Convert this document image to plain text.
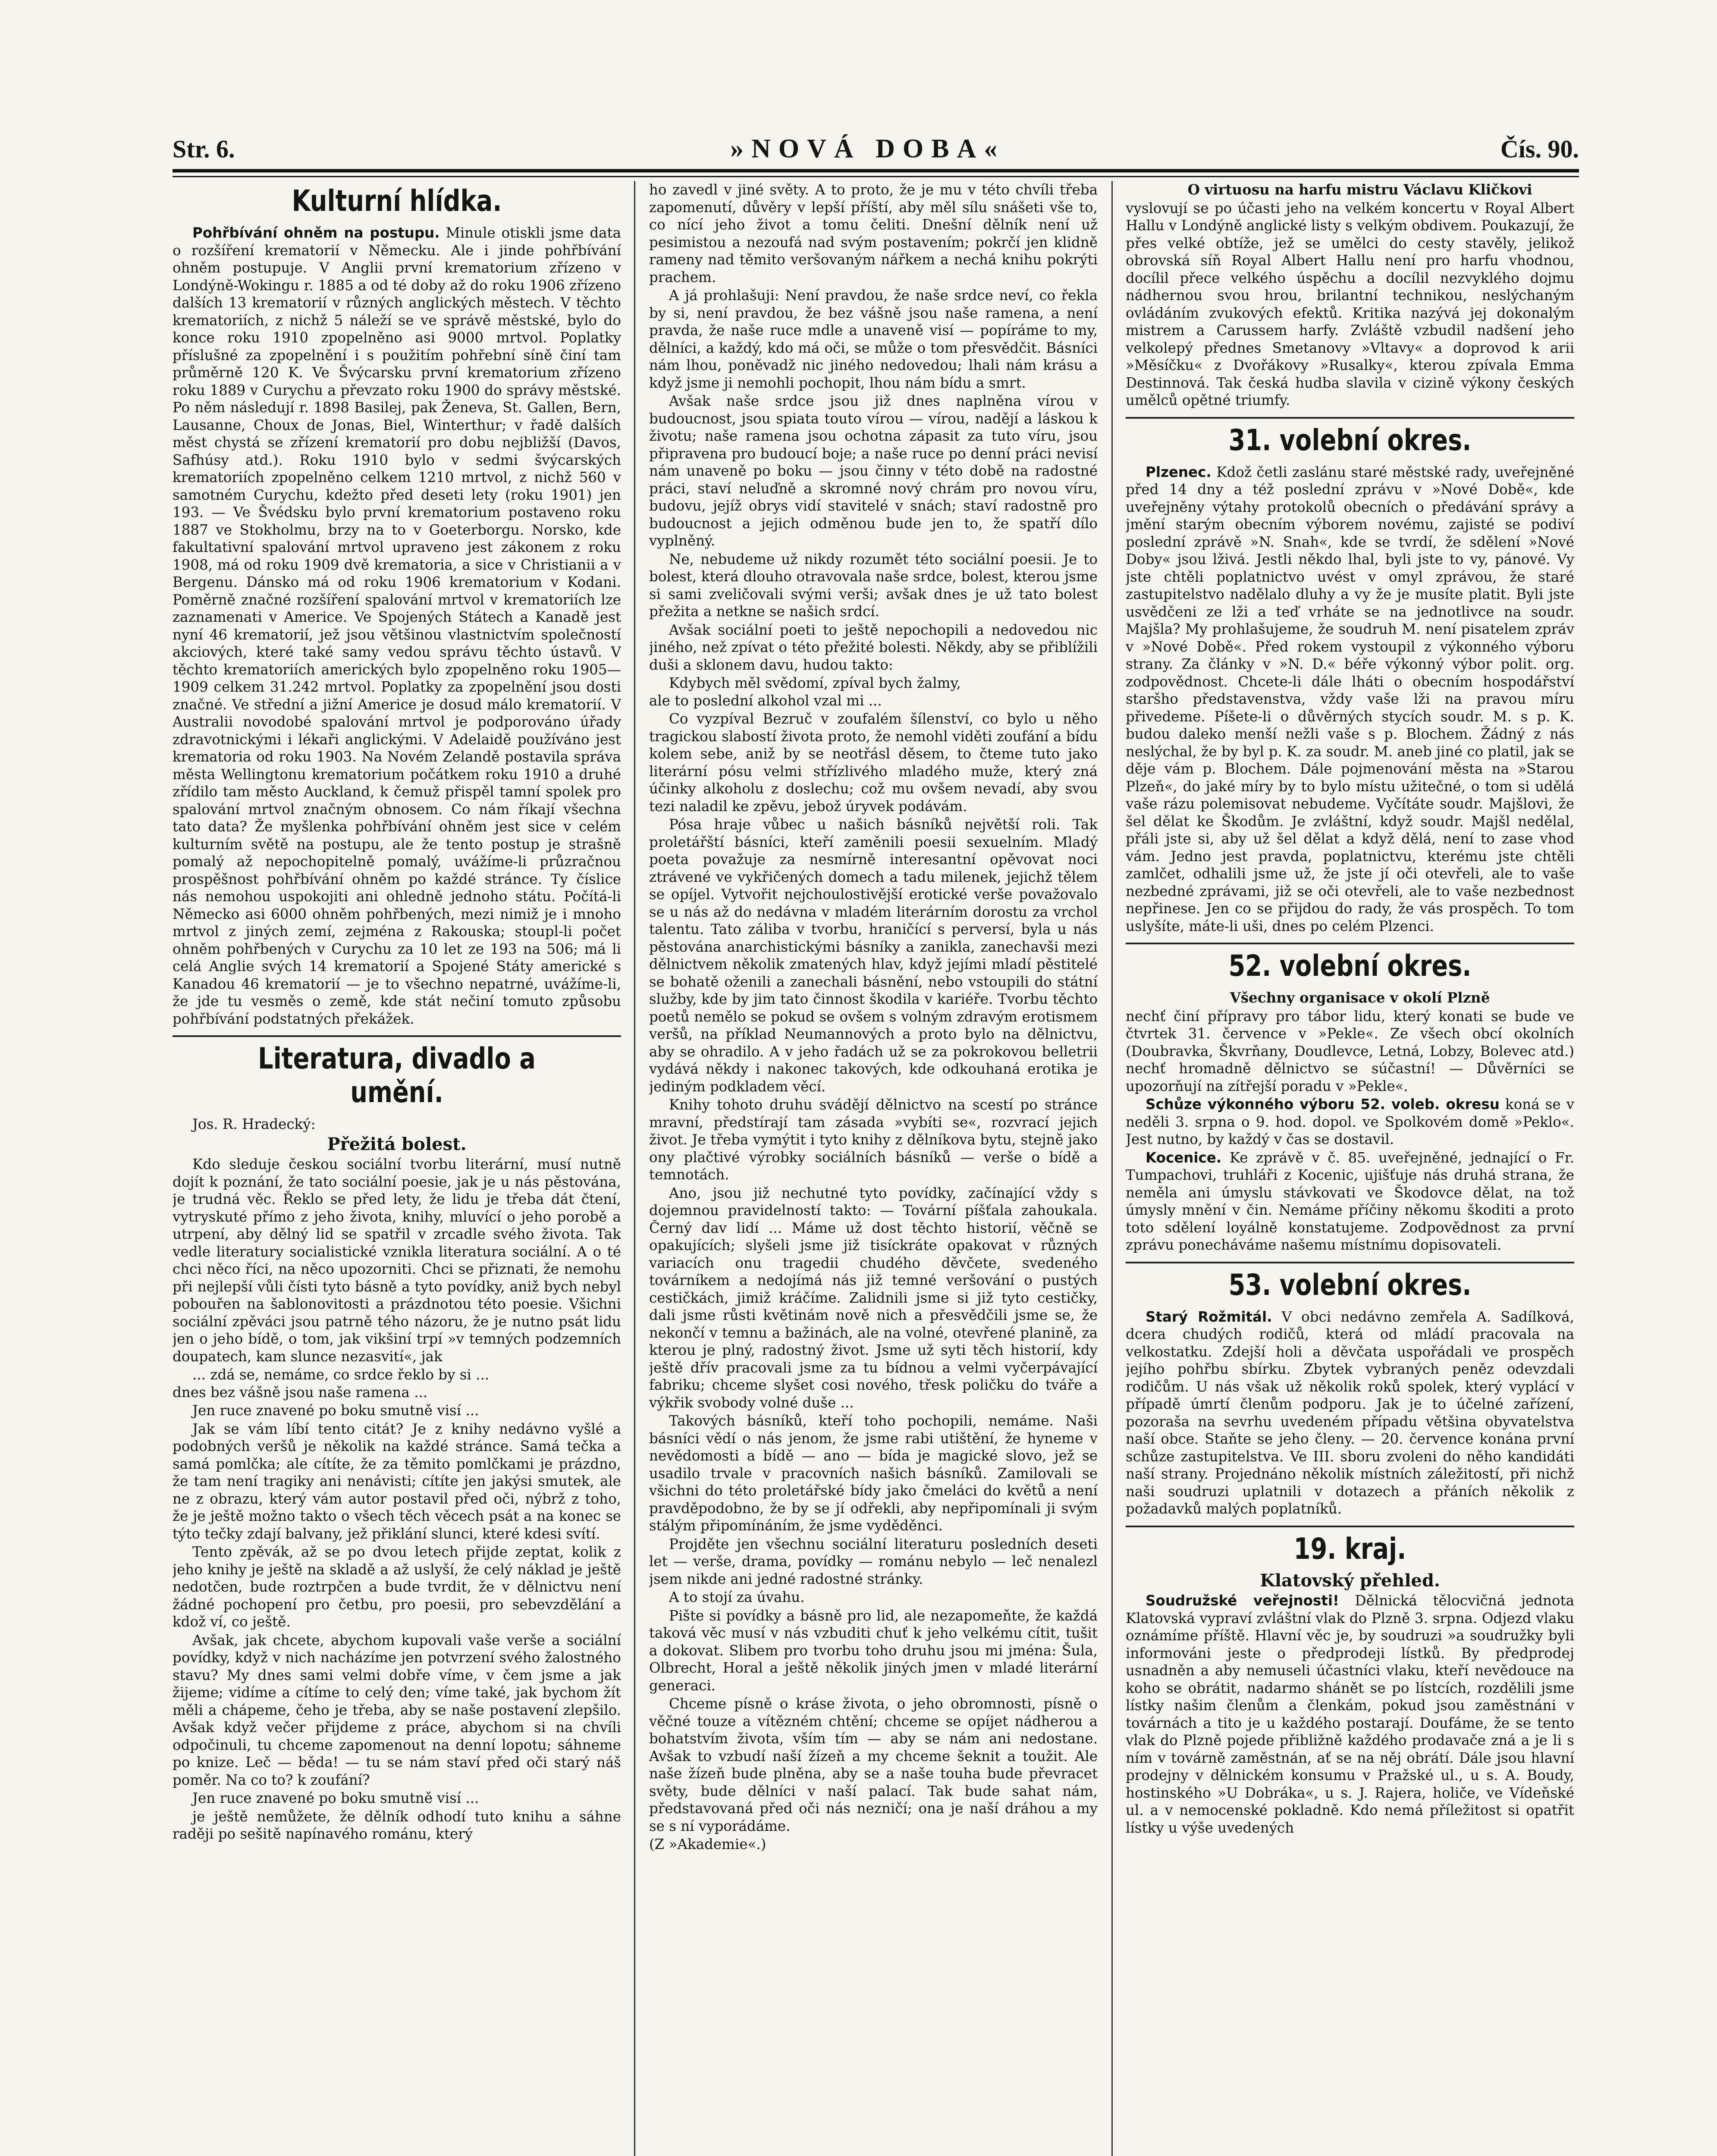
Str. 6.	»NOVÁ DOBA«	Čís. 90.
Kulturní hlídka.

Pohřbívání ohněm na postupu. Minule otiskli jsme data o rozšíření krematorií v Německu. Ale i jinde pohřbívání ohněm postupuje. V Anglii první krematorium zřízeno v Londýně-Wokingu r. 1885 a od té doby až do roku 1906 zřízeno dalších 13 krematorií v různých anglických městech. V těchto krematoriích, z nichž 5 náleží se ve správě městské, bylo do konce roku 1910 zpopelněno asi 9000 mrtvol. Poplatky příslušné za zpopelnění i s použitím pohřební síně činí tam průměrně 120 K. Ve Švýcarsku první krematorium zřízeno roku 1889 v Curychu a převzato roku 1900 do správy městské. Po něm následují r. 1898 Basilej, pak Ženeva, St. Gallen, Bern, Lausanne, Choux de Jonas, Biel, Winterthur; v řadě dalších měst chystá se zřízení krematorií pro dobu nejbližší (Davos, Safhúsy atd.). Roku 1910 bylo v sedmi švýcarských krematoriích zpopelněno celkem 1210 mrtvol, z nichž 560 v samotném Curychu, kdežto před deseti lety (roku 1901) jen 193. — Ve Švédsku bylo první krematorium postaveno roku 1887 ve Stokholmu, brzy na to v Goeterborgu. Norsko, kde fakultativní spalování mrtvol upraveno jest zákonem z roku 1908, má od roku 1909 dvě krematoria, a sice v Christianii a v Bergenu. Dánsko má od roku 1906 krematorium v Kodani. Poměrně značné rozšíření spalování mrtvol v krematoriích lze zaznamenati v Americe. Ve Spojených Státech a Kanadě jest nyní 46 krematorií, jež jsou většinou vlastnictvím společností akciových, které také samy vedou správu těchto ústavů. V těchto krematoriích amerických bylo zpopelněno roku 1905—1909 celkem 31.242 mrtvol. Poplatky za zpopelnění jsou dosti značné. Ve střední a jižní Americe je dosud málo krematorií. V Australii novodobé spalování mrtvol je podporováno úřady zdravotnickými i lékaři anglickými. V Adelaidě používáno jest krematoria od roku 1903. Na Novém Zelandě postavila správa města Wellingtonu krematorium počátkem roku 1910 a druhé zřídilo tam město Auckland, k čemuž přispěl tamní spolek pro spalování mrtvol značným obnosem. Co nám říkají všechna tato data? Že myšlenka pohřbívání ohněm jest sice v celém kulturním světě na postupu, ale že tento postup je strašně pomalý až nepochopitelně pomalý, uvážíme-li průzračnou prospěšnost pohřbívání ohněm po každé stránce. Ty číslice nás nemohou uspokojiti ani ohledně jednoho státu. Počítá-li Německo asi 6000 ohněm pohřbených, mezi nimiž je i mnoho mrtvol z jiných zemí, zejména z Rakouska; stoupl-li počet ohněm pohřbených v Curychu za 10 let ze 193 na 506; má li celá Anglie svých 14 krematorií a Spojené Státy americké s Kanadou 46 krematorií — je to všechno nepatrné, uvážíme-li, že jde tu vesměs o země, kde stát nečiní tomuto způsobu pohřbívání podstatných překážek.

Literatura, divadlo a umění.

Jos. R. Hradecký:

Přežitá bolest.

Kdo sleduje českou sociální tvorbu literární, musí nutně dojít k poznání, že tato sociální poesie, jak je u nás pěstována, je trudná věc. Řeklo se před lety, že lidu je třeba dát čtení, vytryskuté přímo z jeho života, knihy, mluvící o jeho porobě a utrpení, aby dělný lid se spatřil v zrcadle svého života. Tak vedle literatury socialistické vznikla literatura sociální. A o té chci něco říci, na něco upozorniti. Chci se přiznati, že nemohu při nejlepší vůli čísti tyto básně a tyto povídky, aniž bych nebyl pobouřen na šablonovitosti a prázdnotou této poesie. Všichni sociální zpěváci jsou patrně tého názoru, že je nutno psát lidu jen o jeho bídě, o tom, jak vikšiní trpí »v temných podzemních doupatech, kam slunce nezasvití«, jak

... zdá se, nemáme, co srdce řeklo by si ...
dnes bez vášně jsou naše ramena ...

Jen ruce znavené po boku smutně visí ...

Jak se vám líbí tento citát? Je z knihy nedávno vyšlé a podobných veršů je několik na každé stránce. Samá tečka a samá pomlčka; ale cítíte, že za těmito pomlčkami je prázdno, že tam není tragiky ani nenávisti; cítíte jen jakýsi smutek, ale ne z obrazu, který vám autor postavil před oči, nýbrž z toho, že je ještě možno takto o všech těch věcech psát a na konec se týto tečky zdají balvany, jež přiklání slunci, které kdesi svítí.

Tento zpěvák, až se po dvou letech přijde zeptat, kolik z jeho knihy je ještě na skladě a až uslyší, že celý náklad je ještě nedotčen, bude roztrpčen a bude tvrdit, že v dělnictvu není žádné pochopení pro četbu, pro poesii, pro sebevzdělání a kdož ví, co ještě.

Avšak, jak chcete, abychom kupovali vaše verše a sociální povídky, když v nich nacházíme jen potvrzení svého žalostného stavu? My dnes sami velmi dobře víme, v čem jsme a jak žijeme; vidíme a cítíme to celý den; víme také, jak bychom žít měli a chápeme, čeho je třeba, aby se naše postavení zlepšilo. Avšak když večer přijdeme z práce, abychom si na chvíli odpočinuli, tu chceme zapomenout na denní lopotu; sáhneme po knize. Leč — běda! — tu se nám staví před oči starý náš poměr. Na co to? k zoufání?

Jen ruce znavené po boku smutně visí ...

je ještě nemůžete, že dělník odhodí tuto knihu a sáhne raději po sešitě napínavého románu, který

ho zavedl v jiné světy. A to proto, že je mu v této chvíli třeba zapomenutí, důvěry v lepší příští, aby měl sílu snášeti vše to, co nící jeho život a tomu čeliti. Dnešní dělník není už pesimistou a nezoufá nad svým postavením; pokrčí jen klidně rameny nad těmito veršovaným nářkem a nechá knihu pokrýti prachem.

A já prohlašuji: Není pravdou, že naše srdce neví, co řekla by si, není pravdou, že bez vášně jsou naše ramena, a není pravda, že naše ruce mdle a unaveně visí — popíráme to my, dělníci, a každý, kdo má oči, se může o tom přesvědčit. Básníci nám lhou, poněvadž nic jiného nedovedou; lhali nám krásu a když jsme ji nemohli pochopit, lhou nám bídu a smrt.

Avšak naše srdce jsou již dnes naplněna vírou v budoucnost, jsou spiata touto vírou — vírou, nadějí a láskou k životu; naše ramena jsou ochotna zápasit za tuto víru, jsou připravena pro budoucí boje; a naše ruce po denní práci nevisí nám unaveně po boku — jsou činny v této době na radostné práci, staví neluďně a skromné nový chrám pro novou víru, budovu, jejíž obrys vidí stavitelé v snách; staví radostně pro budoucnost a jejich odměnou bude jen to, že spatří dílo vyplněný.

Ne, nebudeme už nikdy rozumět této sociální poesii. Je to bolest, která dlouho otravovala naše srdce, bolest, kterou jsme si sami zveličovali svými verši; avšak dnes je už tato bolest přežita a netkne se našich srdcí.

Avšak sociální poeti to ještě nepochopili a nedovedou nic jiného, než zpívat o této přežité bolesti. Někdy, aby se přiblížili duši a sklonem davu, hudou takto:

Kdybych měl svědomí, zpíval bych žalmy,
ale to poslední alkohol vzal mi ...

Co vyzpíval Bezruč v zoufalém šílenství, co bylo u něho tragickou slabostí života proto, že nemohl viděti zoufání a bídu kolem sebe, aniž by se neotřásl děsem, to čteme tuto jako literární pósu velmi střízlivého mladého muže, který zná účinky alkoholu z doslechu; což mu ovšem nevadí, aby svou tezi naladil ke zpěvu, jebož úryvek podávám.

Pósa hraje vůbec u našich básníků největší roli. Tak proletářští básníci, kteří zaměnili poesii sexuelním. Mladý poeta považuje za nesmírně interesantní opěvovat noci ztrávené ve vykřičených domech a tadu milenek, jejichž tělem se opíjel. Vytvořit nejchoulostivější erotické verše považovalo se u nás až do nedávna v mladém literárním dorostu za vrchol talentu. Tato záliba v tvorbu, hraničící s perversí, byla u nás pěstována anarchistickými básníky a zanikla, zanechavši mezi dělnictvem několik zmatených hlav, když jejími mladí pěstitelé se bohatě oženili a zanechali básnění, nebo vstoupili do státní služby, kde by jim tato činnost škodila v kariéře. Tvorbu těchto poetů nemělo se pokud se ovšem s volným zdravým erotismem veršů, na příklad Neumannových a proto bylo na dělnictvu, aby se ohradilo. A v jeho řadách už se za pokrokovou belletrii vydává někdy i nakonec takových, kde odkouhaná erotika je jediným podkladem věcí.

Knihy tohoto druhu svádějí dělnictvo na scestí po stránce mravní, předstírají tam zásada »vybíti se«, rozvrací jejich život. Je třeba vymýtit i tyto knihy z dělníkova bytu, stejně jako ony plačtivé výrobky sociálních básníků — verše o bídě a temnotách.

Ano, jsou již nechutné tyto povídky, začínající vždy s dojemnou pravidelností takto: — Tovární píšťala zahoukala. Černý dav lidí ... Máme už dost těchto historií, věčně se opakujících; slyšeli jsme již tisíckráte opakovat v různých variacích onu tragedii chudého děvčete, svedeného továrníkem a nedojímá nás již temné veršování o pustých cestičkách, jimiž kráčíme. Zalidnili jsme si již tyto cestičky, dali jsme růsti květinám nově nich a přesvědčili jsme se, že nekončí v temnu a bažinách, ale na volné, otevřené planině, za kterou je plný, radostný život. Jsme už syti těch historií, kdy ještě dřív pracovali jsme za tu bídnou a velmi vyčerpávající fabriku; chceme slyšet cosi nového, třesk poličku do tváře a výkřik svobody volné duše ...

Takových básníků, kteří toho pochopili, nemáme. Naši básníci vědí o nás jenom, že jsme rabi utištění, že hyneme v nevědomosti a bídě — ano — bída je magické slovo, jež se usadilo trvale v pracovních našich básníků. Zamilovali se všichni do této proletářské bídy jako čmeláci do květů a není pravděpodobno, že by se jí odřekli, aby nepřipomínali ji svým stálým připomínáním, že jsme vyděděnci.

Projděte jen všechnu sociální literaturu posledních deseti let — verše, drama, povídky — románu nebylo — leč nenalezl jsem nikde ani jedné radostné stránky.

A to stojí za úvahu.

Pište si povídky a básně pro lid, ale nezapomeňte, že každá taková věc musí v nás vzbuditi chuť k jeho velkému cítit, tušit a dokovat. Slibem pro tvorbu toho druhu jsou mi jména: Šula, Olbrecht, Horal a ještě několik jiných jmen v mladé literární generaci.

Chceme písně o kráse života, o jeho obromnosti, písně o věčné touze a vítězném chtění; chceme se opíjet nádherou a bohatstvím života, vším tím — aby se nám ani nedostane. Avšak to vzbudí naší žízeň a my chceme šeknit a toužit. Ale naše žízeň bude plněna, aby se a naše touha bude převracet světy, bude dělníci v naší palací. Tak bude sahat nám, představovaná před oči nás nezničí; ona je naší dráhou a my se s ní vyporádáme.

(Z »Akademie«.)

O virtuosu na harfu mistru Václavu Kličkovi

vyslovují se po účasti jeho na velkém koncertu v Royal Albert Hallu v Londýně anglické listy s velkým obdivem. Poukazují, že přes velké obtíže, jež se umělci do cesty stavěly, jelikož obrovská síň Royal Albert Hallu není pro harfu vhodnou, docílil přece velkého úspěchu a docílil nezvyklého dojmu nádhernou svou hrou, brilantní technikou, neslýchaným ovládáním zvukových efektů. Kritika nazývá jej dokonalým mistrem a Carussem harfy. Zvláště vzbudil nadšení jeho velkolepý přednes Smetanovy »Vltavy« a doprovod k arii »Měsíčku« z Dvořákovy »Rusalky«, kterou zpívala Emma Destinnová. Tak česká hudba slavila v cizině výkony českých umělců opětné triumfy.

31. volební okres.

Plzenec. Kdož četli zaslánu staré městské rady, uveřejněné před 14 dny a též poslední zprávu v »Nové Době«, kde uveřejněny výtahy protokolů obecních o předávání správy a jmění starým obecním výborem novému, zajisté se podiví poslední zprávě »N. Snah«, kde se tvrdí, že sdělení »Nové Doby« jsou lživá. Jestli někdo lhal, byli jste to vy, pánové. Vy jste chtěli poplatnictvo uvést v omyl zprávou, že staré zastupitelstvo nadělalo dluhy a vy že je musíte platit. Byli jste usvědčeni ze lži a teď vrháte se na jednotlivce na soudr. Majšla? My prohlašujeme, že soudruh M. není pisatelem zpráv v »Nové Době«. Před rokem vystoupil z výkonného výboru strany. Za články v »N. D.« béře výkonný výbor polit. org. zodpovědnost. Chcete-li dále lháti o obecním hospodářství staršho představenstva, vždy vaše lži na pravou míru přivedeme. Píšete-li o důvěrných stycích soudr. M. s p. K. budou daleko menší nežli vaše s p. Blochem. Žádný z nás neslýchal, že by byl p. K. za soudr. M. aneb jiné co platil, jak se děje vám p. Blochem. Dále pojmenování města na »Starou Plzeň«, do jaké míry by to bylo místu užitečné, o tom si udělá vaše rázu polemisovat nebudeme. Vyčítáte soudr. Majšlovi, že šel dělat ke Škodům. Je zvláštní, když soudr. Majšl nedělal, přáli jste si, aby už šel dělat a když dělá, není to zase vhod vám. Jedno jest pravda, poplatnictvu, kterému jste chtěli zamlčet, odhalili jsme už, že jste jí oči otevřeli, ale to vaše nezbedné zprávami, již se oči otevřeli, ale to vaše nezbednost nepřinese. Jen co se přijdou do rady, že vás prospěch. To tom uslyšíte, máte-li uši, dnes po celém Plzenci.

52. volební okres.

Všechny organisace v okolí Plzně

nechť činí přípravy pro tábor lidu, který konati se bude ve čtvrtek 31. července v »Pekle«. Ze všech obcí okolních (Doubravka, Škvrňany, Doudlevce, Letná, Lobzy, Bolevec atd.) nechť hromadně dělnictvo se súčastní! — Důvěrníci se upozorňují na zítřejší poradu v »Pekle«.

Schůze výkonného výboru 52. voleb. okresu koná se v neděli 3. srpna o 9. hod. dopol. ve Spolkovém domě »Peklo«. Jest nutno, by každý v čas se dostavil.

Kocenice. Ke zprávě v č. 85. uveřejněné, jednající o Fr. Tumpachovi, truhláři z Kocenic, ujišťuje nás druhá strana, že neměla ani úmyslu stávkovati ve Škodovce dělat, na tož úmysly mnění v čin. Nemáme příčiny někomu škoditi a proto toto sdělení loyálně konstatujeme. Zodpovědnost za první zprávu ponecháváme našemu místnímu dopisovateli.

53. volební okres.

Starý Rožmitál. V obci nedávno zemřela A. Sadílková, dcera chudých rodičů, která od mládí pracovala na velkostatku. Zdejší holi a děvčata uspořádali ve prospěch jejího pohřbu sbírku. Zbytek vybraných peněz odevzdali rodičům. U nás však už několik roků spolek, který vyplácí v případě úmrtí členům podporu. Jak je to účelné zařízení, pozoraša na sevrhu uvedeném případu většina obyvatelstva naší obce. Staňte se jeho členy. — 20. července konána první schůze zastupitelstva. Ve III. sboru zvoleni do něho kandidáti naší strany. Projednáno několik místních záležitostí, při nichž naši soudruzi uplatnili v dotazech a přáních několik z požadavků malých poplatníků.

19. kraj.
Klatovský přehled.

Soudružské veřejnosti! Dělnická tělocvičná jednota Klatovská vypraví zvláštní vlak do Plzně 3. srpna. Odjezd vlaku oznámíme příště. Hlavní věc je, by soudruzi »a soudružky byli informováni jeste o předprodeji lístků. By předprodej usnadněn a aby nemuseli účastníci vlaku, kteří nevědouce na koho se obrátit, nadarmo shánět se po lístcích, rozdělili jsme lístky našim členům a členkám, pokud jsou zaměstnáni v továrnách a tito je u každého postarají. Doufáme, že se tento vlak do Plzně pojede přibližně každého prodavače zná a je li s ním v továrně zaměstnán, ať se na něj obrátí. Dále jsou hlavní prodejny v dělnickém konsumu v Pražské ul., u s. A. Boudy, hostinského »U Dobráka«, u s. J. Rajera, holiče, ve Vídeňské ul. a v nemocenské pokladně. Kdo nemá příležitost si opatřit lístky u výše uvedených
